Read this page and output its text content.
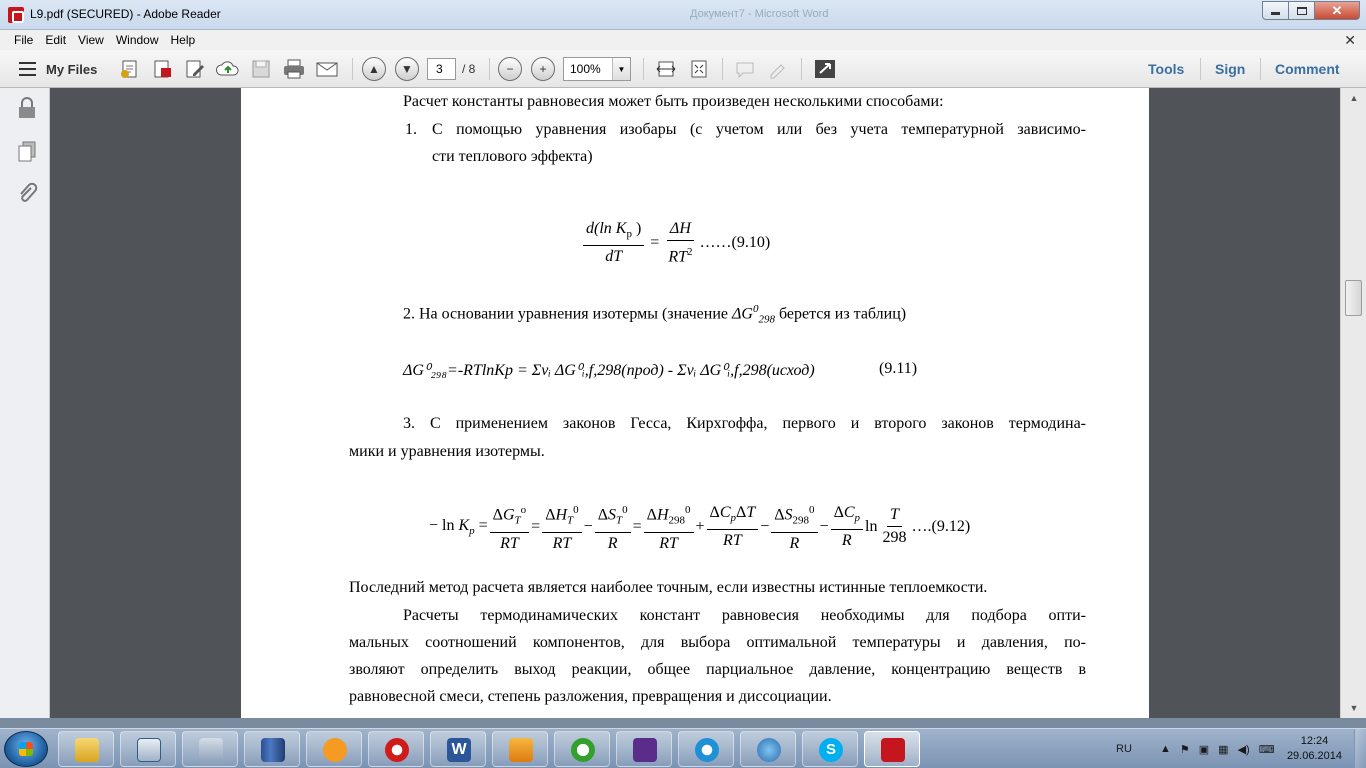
L9.pdf (SECURED) - Adobe Reader	Документ7 - Microsoft Word	✕
File	Edit	View	Window	Help	✕
My Files	▲	▼	3	/ 8	−	+	100%	▼	Tools Sign Comment
Расчет константы равновесия может быть произведен несколькими способами:
1. С помощью уравнения изобары (с учетом или без учета температурной зависимо-
сти теплового эффекта)
$\frac{d(\ln K_p )}{dT} = \frac{\Delta H}{RT^2}$ ……(9.10)
2. На основании уравнения изотермы (значение $\Delta G^0_{298}$ берется из таблиц)
ΔG⁰₂₉₈=-RTlnKp = Σνᵢ ΔG⁰ᵢ,f,298(прод) - Σνᵢ ΔG⁰ᵢ,f,298(исход)	(9.11)
3. С применением законов Гесса, Кирхгоффа, первого и второго законов термодина-
мики и уравнения изотермы.
− $\ln K_p = \frac{\Delta G_T^o}{RT} = \frac{\Delta H_T^0}{RT} - \frac{\Delta S_T^0}{R} = \frac{\Delta H_{298}^0}{RT} + \frac{\Delta C_p\Delta T}{RT} - \frac{\Delta S_{298}^0}{R} - \frac{\Delta C_p}{R}$ $\ln \frac{T}{298}$ ….(9.12)
Последний метод расчета является наиболее точным, если известны истинные теплоемкости.
Расчеты термодинамических констант равновесия необходимы для подбора опти-
мальных соотношений компонентов, для выбора оптимальной температуры и давления, по-
зволяют определить выход реакции, общее парциальное давление, концентрацию веществ в
равновесной смеси, степень разложения, превращения и диссоциации.
▲
▼
W	S	RU	▲ ⚑ ▣ ▦ ◀) ⌨
12:24
29.06.2014
